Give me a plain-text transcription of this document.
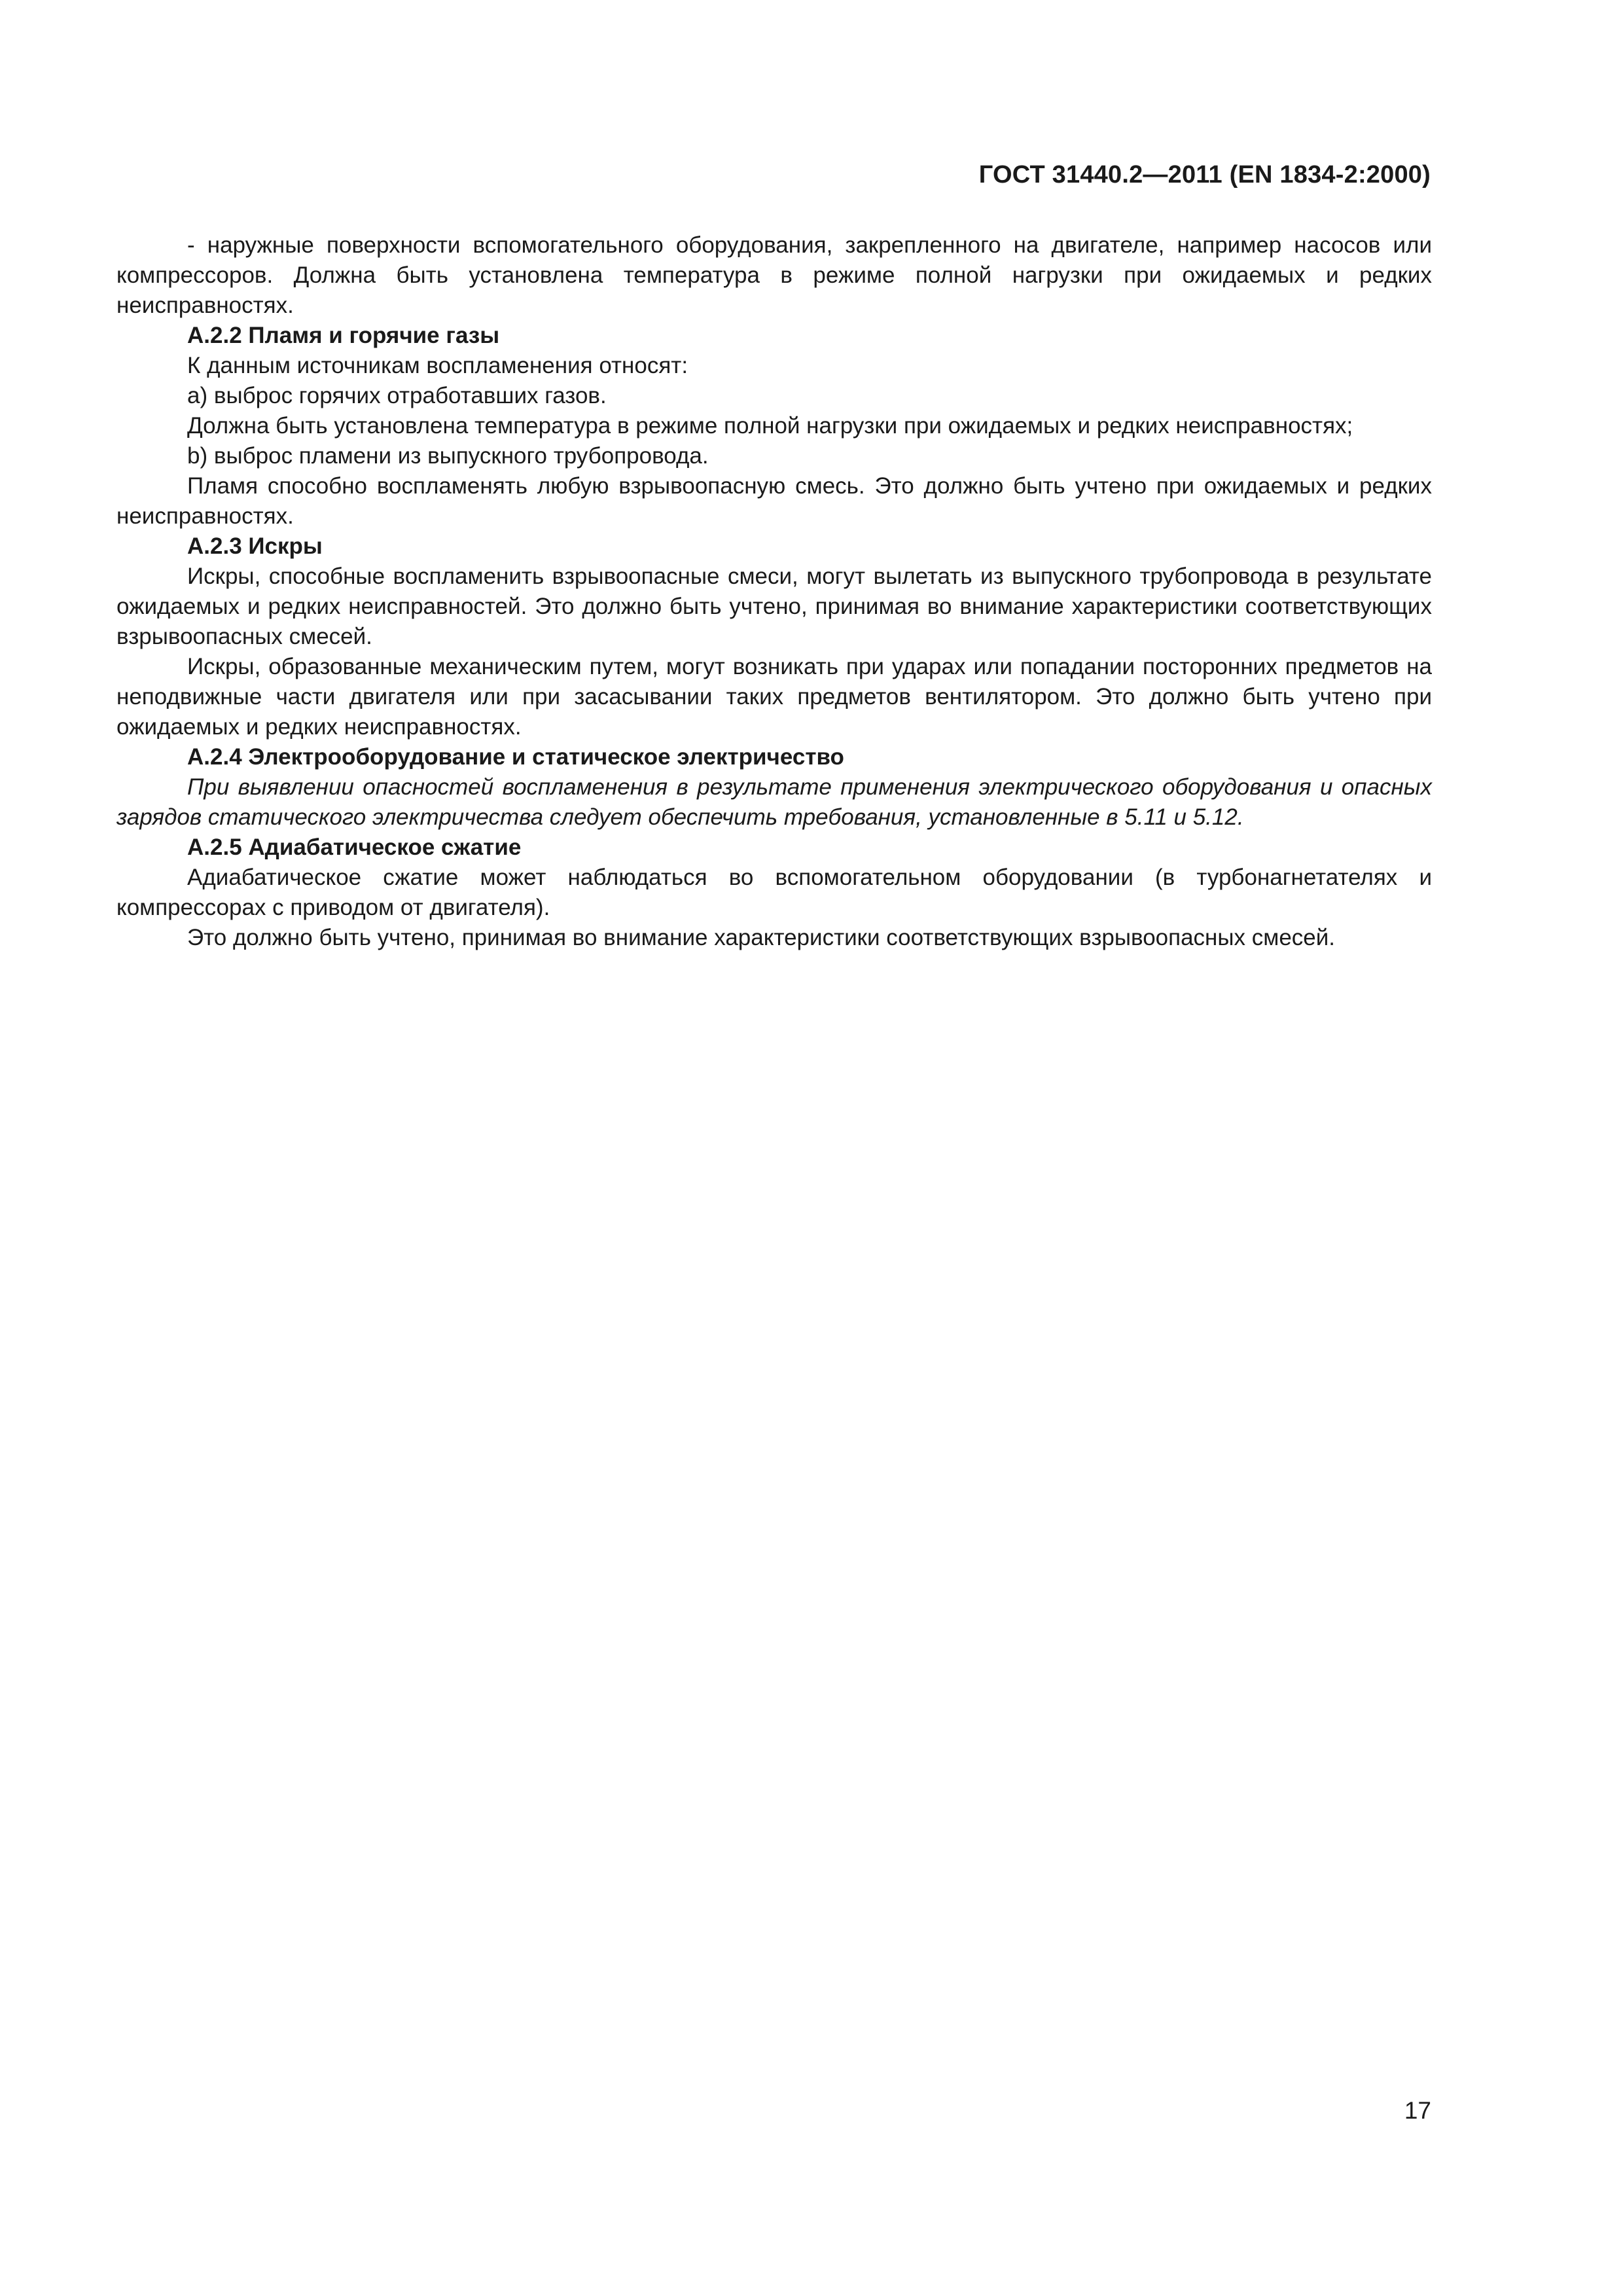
ГОСТ 31440.2—2011 (EN 1834-2:2000)

- наружные поверхности вспомогательного оборудования, закрепленного на двигателе, например насосов или компрессоров. Должна быть установлена температура в режиме полной нагрузки при ожидаемых и редких неисправностях.

А.2.2 Пламя и горячие газы

К данным источникам воспламенения относят:

a) выброс горячих отработавших газов.

Должна быть установлена температура в режиме полной нагрузки при ожидаемых и редких неисправностях;

b) выброс пламени из выпускного трубопровода.

Пламя способно воспламенять любую взрывоопасную смесь. Это должно быть учтено при ожидаемых и редких неисправностях.

А.2.3 Искры

Искры, способные воспламенить взрывоопасные смеси, могут вылетать из выпускного трубопровода в результате ожидаемых и редких неисправностей. Это должно быть учтено, принимая во внимание характеристики соответствующих взрывоопасных смесей.

Искры, образованные механическим путем, могут возникать при ударах или попадании посторонних предметов на неподвижные части двигателя или при засасывании таких предметов вентилятором. Это должно быть учтено при ожидаемых и редких неисправностях.

А.2.4 Электрооборудование и статическое электричество

При выявлении опасностей воспламенения в результате применения электрического оборудования и опасных зарядов статического электричества следует обеспечить требования, установленные в 5.11 и 5.12.

А.2.5 Адиабатическое сжатие

Адиабатическое сжатие может наблюдаться во вспомогательном оборудовании (в турбонагнетателях и компрессорах с приводом от двигателя).

Это должно быть учтено, принимая во внимание характеристики соответствующих взрывоопасных смесей.

17
